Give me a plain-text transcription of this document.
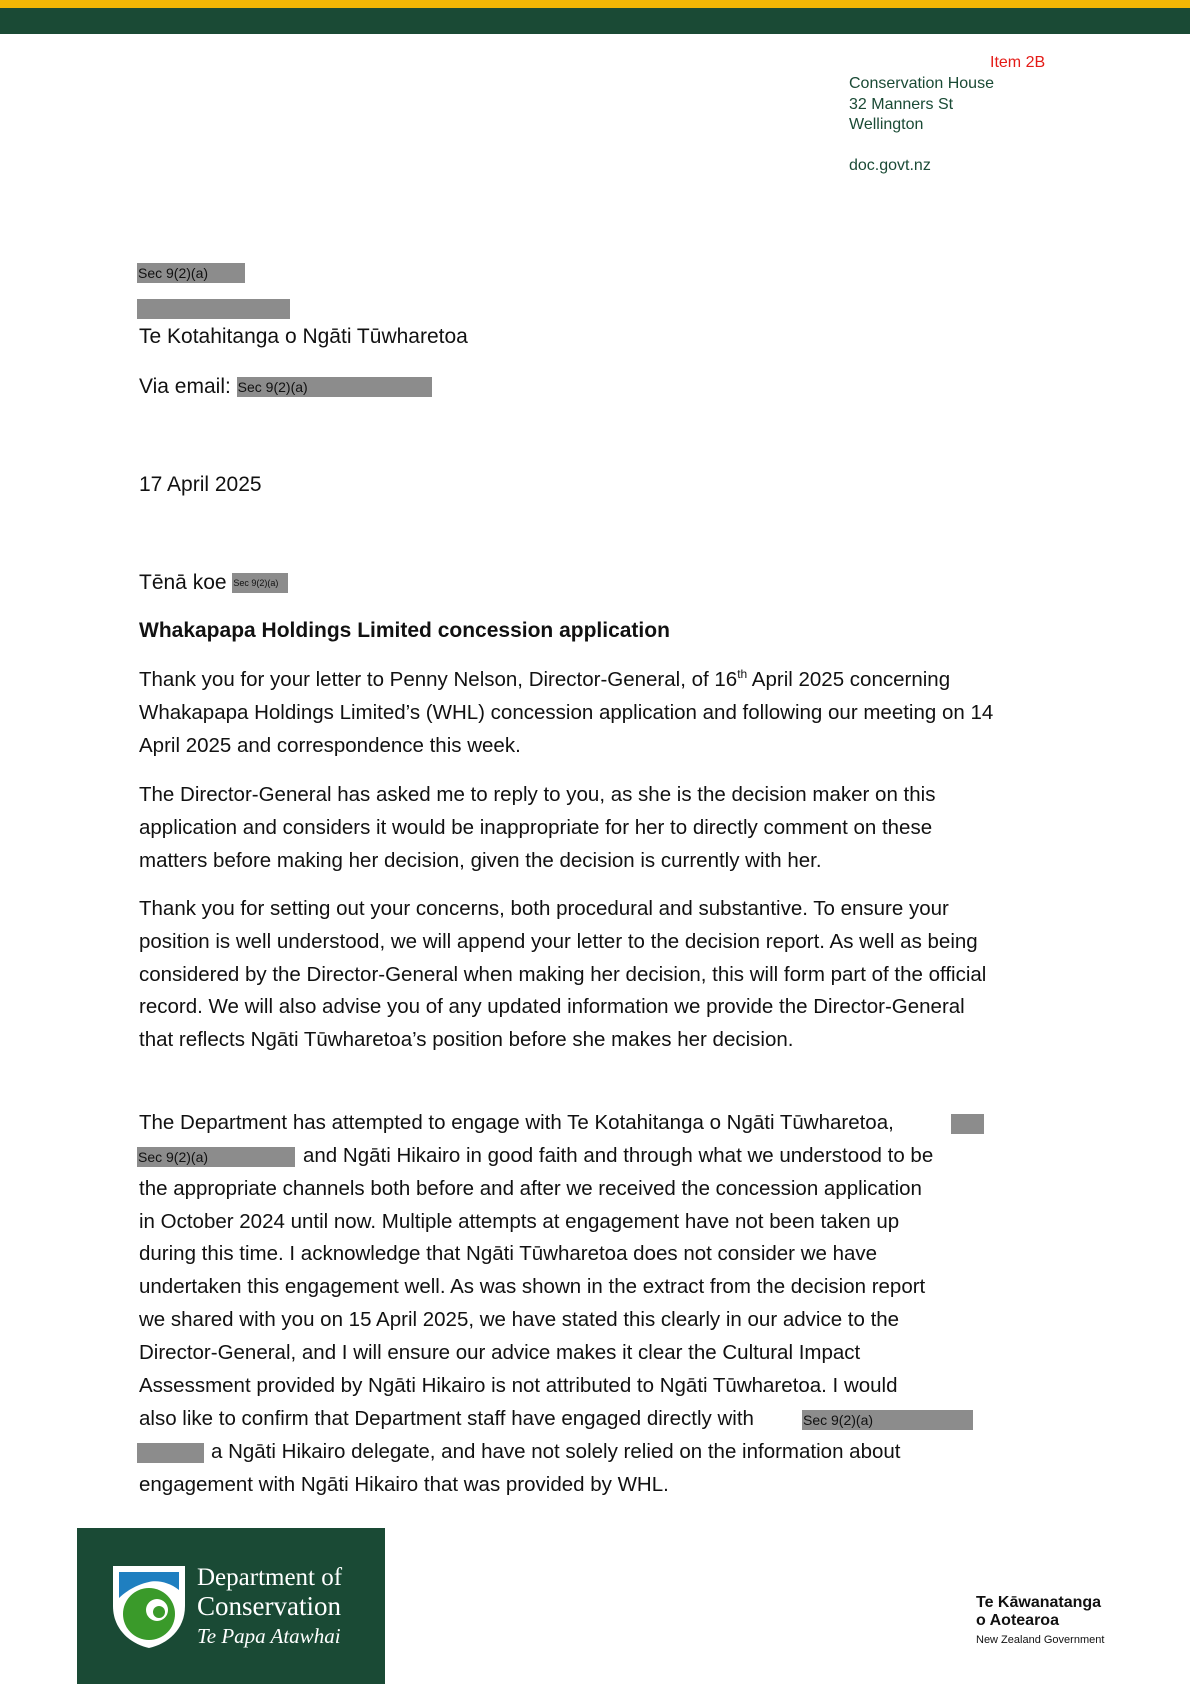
Item 2B
Conservation House
32 Manners St
Wellington
doc.govt.nz
Sec 9(2)(a)
Te Kotahitanga o Ngāti Tūwharetoa
Via email: Sec 9(2)(a)
17 April 2025
Tēnā koe Sec 9(2)(a)
Whakapapa Holdings Limited concession application

Thank you for your letter to Penny Nelson, Director-General, of 16th April 2025 concerning Whakapapa Holdings Limited’s (WHL) concession application and following our meeting on 14 April 2025 and correspondence this week.

The Director-General has asked me to reply to you, as she is the decision maker on this application and considers it would be inappropriate for her to directly comment on these matters before making her decision, given the decision is currently with her.

Thank you for setting out your concerns, both procedural and substantive. To ensure your position is well understood, we will append your letter to the decision report. As well as being considered by the Director-General when making her decision, this will form part of the official record. We will also advise you of any updated information we provide the Director-General that reflects Ngāti Tūwharetoa’s position before she makes her decision.

The Department has attempted to engage with Te Kotahitanga o Ngāti Tūwharetoa,
Sec 9(2)(a)	and Ngāti Hikairo in good faith and through what we understood to be
the appropriate channels both before and after we received the concession application
in October 2024 until now. Multiple attempts at engagement have not been taken up
during this time. I acknowledge that Ngāti Tūwharetoa does not consider we have
undertaken this engagement well. As was shown in the extract from the decision report
we shared with you on 15 April 2025, we have stated this clearly in our advice to the
Director-General, and I will ensure our advice makes it clear the Cultural Impact
Assessment provided by Ngāti Hikairo is not attributed to Ngāti Tūwharetoa. I would
also like to confirm that Department staff have engaged directly with	Sec 9(2)(a)
a Ngāti Hikairo delegate, and have not solely relied on the information about
engagement with Ngāti Hikairo that was provided by WHL.
Department of
Conservation
Te Papa Atawhai
Te Kāwanatanga
o Aotearoa
New Zealand Government
